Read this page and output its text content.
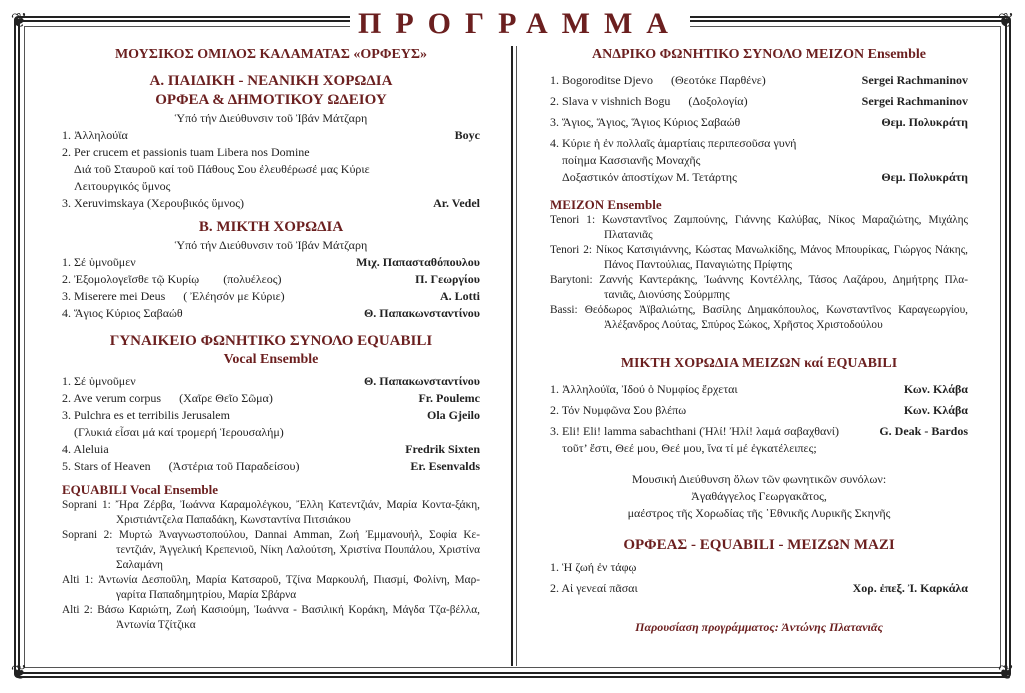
❦	❦
❦	❦
ΠΡΟΓΡΑΜΜΑ
ΜΟΥΣΙΚΟΣ ΟΜΙΛΟΣ ΚΑΛΑΜΑΤΑΣ «ΟΡΦΕΥΣ»
Α. ΠΑΙΔΙΚΗ - ΝΕΑΝΙΚΗ ΧΟΡΩΔΙΑ
ΟΡΦΕΑ & ΔΗΜΟΤΙΚΟΥ ΩΔΕΙΟΥ
Ὑπό τήν Διεύθυνσιν τοῦ Ἰβάν Μάτζαρη
1. Ἀλληλούϊα	Boyc
2. Per crucem et passionis tuam Libera nos Domine
Διά τοῦ Σταυροῦ καί τοῦ Πάθους Σου ἐλευθέρωσέ μας Κύριε
Λειτουργικός ὕμνος
3. Xeruvimskaya (Χερουβικός ὕμνος)	Ar. Vedel
Β. ΜΙΚΤΗ ΧΟΡΩΔΙΑ
Ὑπό τήν Διεύθυνσιν τοῦ Ἰβάν Μάτζαρη
1. Σέ ὑμνοῦμεν	Μιχ. Παπασταθόπουλου
2. Ἐξομολογεῖσθε τῷ Κυρίῳ        (πολυέλεος)	Π. Γεωργίου
3. Miserere mei Deus      ( Ἐλέησόν με Κύριε)	A. Lotti
4. Ἅγιος Κύριος Σαβαώθ	Θ. Παπακωνσταντίνου
ΓΥΝΑΙΚΕΙΟ ΦΩΝΗΤΙΚΟ ΣΥΝΟΛΟ EQUABILI
Vocal Ensemble
1. Σέ ὑμνοῦμεν	Θ. Παπακωνσταντίνου
2. Ave verum corpus      (Χαῖρε Θεῖο Σῶμα)	Fr. Poulemc
3. Pulchra es et terribilis Jerusalem	Ola Gjeilo
(Γλυκιά εἶσαι μά καί τρομερή Ἱερουσαλήμ)
4. Aleluia	Fredrik Sixten
5. Stars of Heaven      (Ἀστέρια τοῦ Παραδείσου)	Er. Esenvalds
EQUABILI Vocal Ensemble
Soprani 1: Ἤρα Ζέρβα, Ἰωάννα Καραμολέγκου, Ἔλλη Κατεντζιάν, Μαρία Κοντα-ξάκη, Χριστιάντζελα Παπαδάκη, Κωνσταντίνα Πιτσιάκου
Soprani 2: Μυρτώ Ἀναγνωστοπούλου, Dannai Amman, Ζωή Ἐμμανουήλ, Σοφία Κε-τεντζιάν, Ἀγγελική Κρεπενιοῦ, Νίκη Λαλούτση, Χριστίνα Πουπάλου, Χριστίνα Σαλαμάνη
Alti 1: Ἀντωνία Δεσποῦλη, Μαρία Κατσαροῦ, Τζίνα Μαρκουλή, Πιασμί, Φολίνη, Μαρ-γαρίτα Παπαδημητρίου, Μαρία Σβάρνα
Alti 2: Βάσω Καριώτη, Ζωή Κασιούμη, Ἰωάννα - Βασιλική Κοράκη, Μάγδα Τζα-βέλλα, Ἀντωνία Τζίτζικα
ΑΝΔΡΙΚΟ ΦΩΝΗΤΙΚΟ ΣΥΝΟΛΟ ΜΕΙΖΟΝ Ensemble
1. Bogoroditse Djevo      (Θεοτόκε Παρθένε)	Sergei Rachmaninov
2. Slava v vishnich Bogu      (Δοξολογία)	Sergei Rachmaninov
3. Ἅγιος, Ἅγιος, Ἅγιος Κύριος Σαβαώθ	Θεμ. Πολυκράτη
4. Κύριε ἡ ἐν πολλαῖς ἁμαρτίαις περιπεσοῦσα γυνή
ποίημα Κασσιανῆς Μοναχῆς
Δοξαστικόν ἀποστίχων Μ. Τετάρτης	Θεμ. Πολυκράτη
ΜΕΙΖΟΝ Ensemble
Tenori 1: Κωνσταντῖνος Ζαμπούνης, Γιάννης Καλύβας, Νίκος Μαραζιώτης, Μιχάλης Πλατανιᾶς
Tenori 2: Νίκος Κατσιγιάννης, Κώστας Μανωλκίδης, Μάνος Μπουρίκας, Γιώργος Νάκης, Πάνος Παντούλιας, Παναγιώτης Πρίφτης
Barytoni: Ζαννής Καντεράκης, Ἰωάννης Κοντέλλης, Τάσος Λαζάρου, Δημήτρης Πλα-τανιᾶς, Διονύσης Σούρμπης
Bassi: Θεόδωρος Ἀϊβαλιώτης, Βασίλης Δημακόπουλος, Κωνσταντῖνος Καραγεωργίου, Ἀλέξανδρος Λούτας, Σπύρος Σώκος, Χρῆστος Χριστοδούλου
ΜΙΚΤΗ ΧΟΡΩΔΙΑ ΜΕΙΖΩΝ καί EQUABILI
1. Ἀλληλούϊα, Ἰδού ὁ Νυμφίος ἔρχεται	Κων. Κλάβα
2. Τόν Νυμφῶνα Σου βλέπω	Κων. Κλάβα
3. Eli! Eli! lamma sabachthani (Ἠλί! Ἠλί! λαμά σαβαχθανί)	G. Deak - Bardos
τοῦτ’ ἔστι, Θεέ μου, Θεέ μου, ἵνα τί μέ ἐγκατέλειπες;
Μουσική Διεύθυνση ὅλων τῶν φωνητικῶν συνόλων:
Ἀγαθάγγελος Γεωργακᾶτος,
μαέστρος τῆς Χορωδίας τῆς ῾Εθνικῆς Λυρικῆς Σκηνῆς
ΟΡΦΕΑΣ - EQUABILI - ΜΕΙΖΩΝ ΜΑΖΙ
1. Ἡ ζωή ἐν τάφῳ
2. Αἱ γενεαί πᾶσαι	Χορ. ἐπεξ. Ἰ. Καρκάλα
Παρουσίαση προγράμματος: Ἀντώνης Πλατανιᾶς
